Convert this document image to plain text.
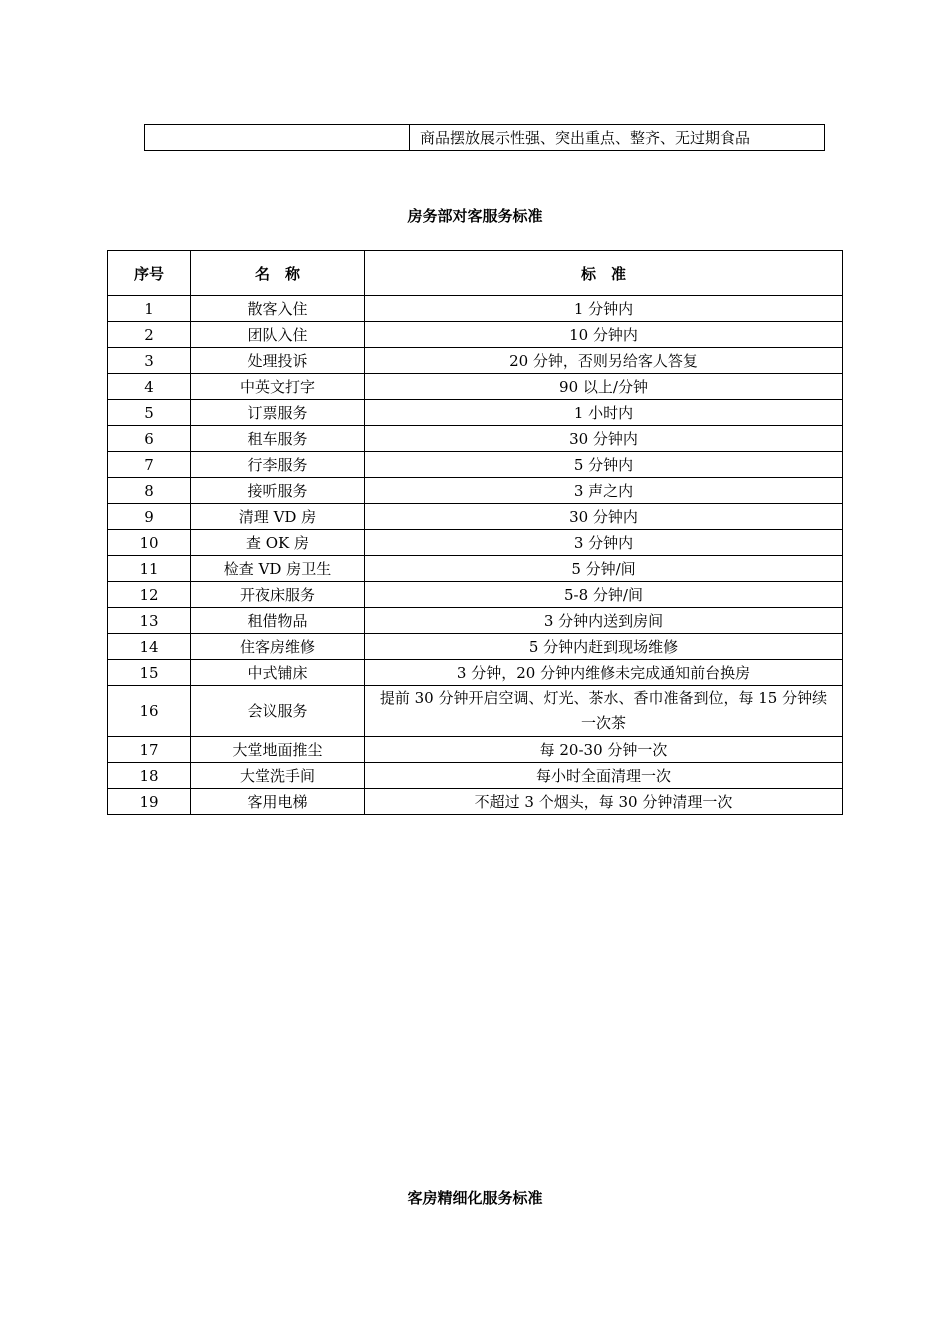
	商品摆放展示性强、突出重点、整齐、无过期食品
房务部对客服务标准
序号	名　称	标　准
1	散客入住	1 分钟内
2	团队入住	10 分钟内
3	处理投诉	20 分钟，否则另给客人答复
4	中英文打字	90 以上/分钟
5	订票服务	1 小时内
6	租车服务	30 分钟内
7	行李服务	5 分钟内
8	接听服务	3 声之内
9	清理 VD 房	30 分钟内
10	查 OK 房	3 分钟内
11	检查 VD 房卫生	5 分钟/间
12	开夜床服务	5-8 分钟/间
13	租借物品	3 分钟内送到房间
14	住客房维修	5 分钟内赶到现场维修
15	中式铺床	3 分钟，20 分钟内维修未完成通知前台换房
16	会议服务	提前 30 分钟开启空调、灯光、茶水、香巾准备到位，每 15 分钟续一次茶
17	大堂地面推尘	每 20-30 分钟一次
18	大堂洗手间	每小时全面清理一次
19	客用电梯	不超过 3 个烟头，每 30 分钟清理一次
客房精细化服务标准
